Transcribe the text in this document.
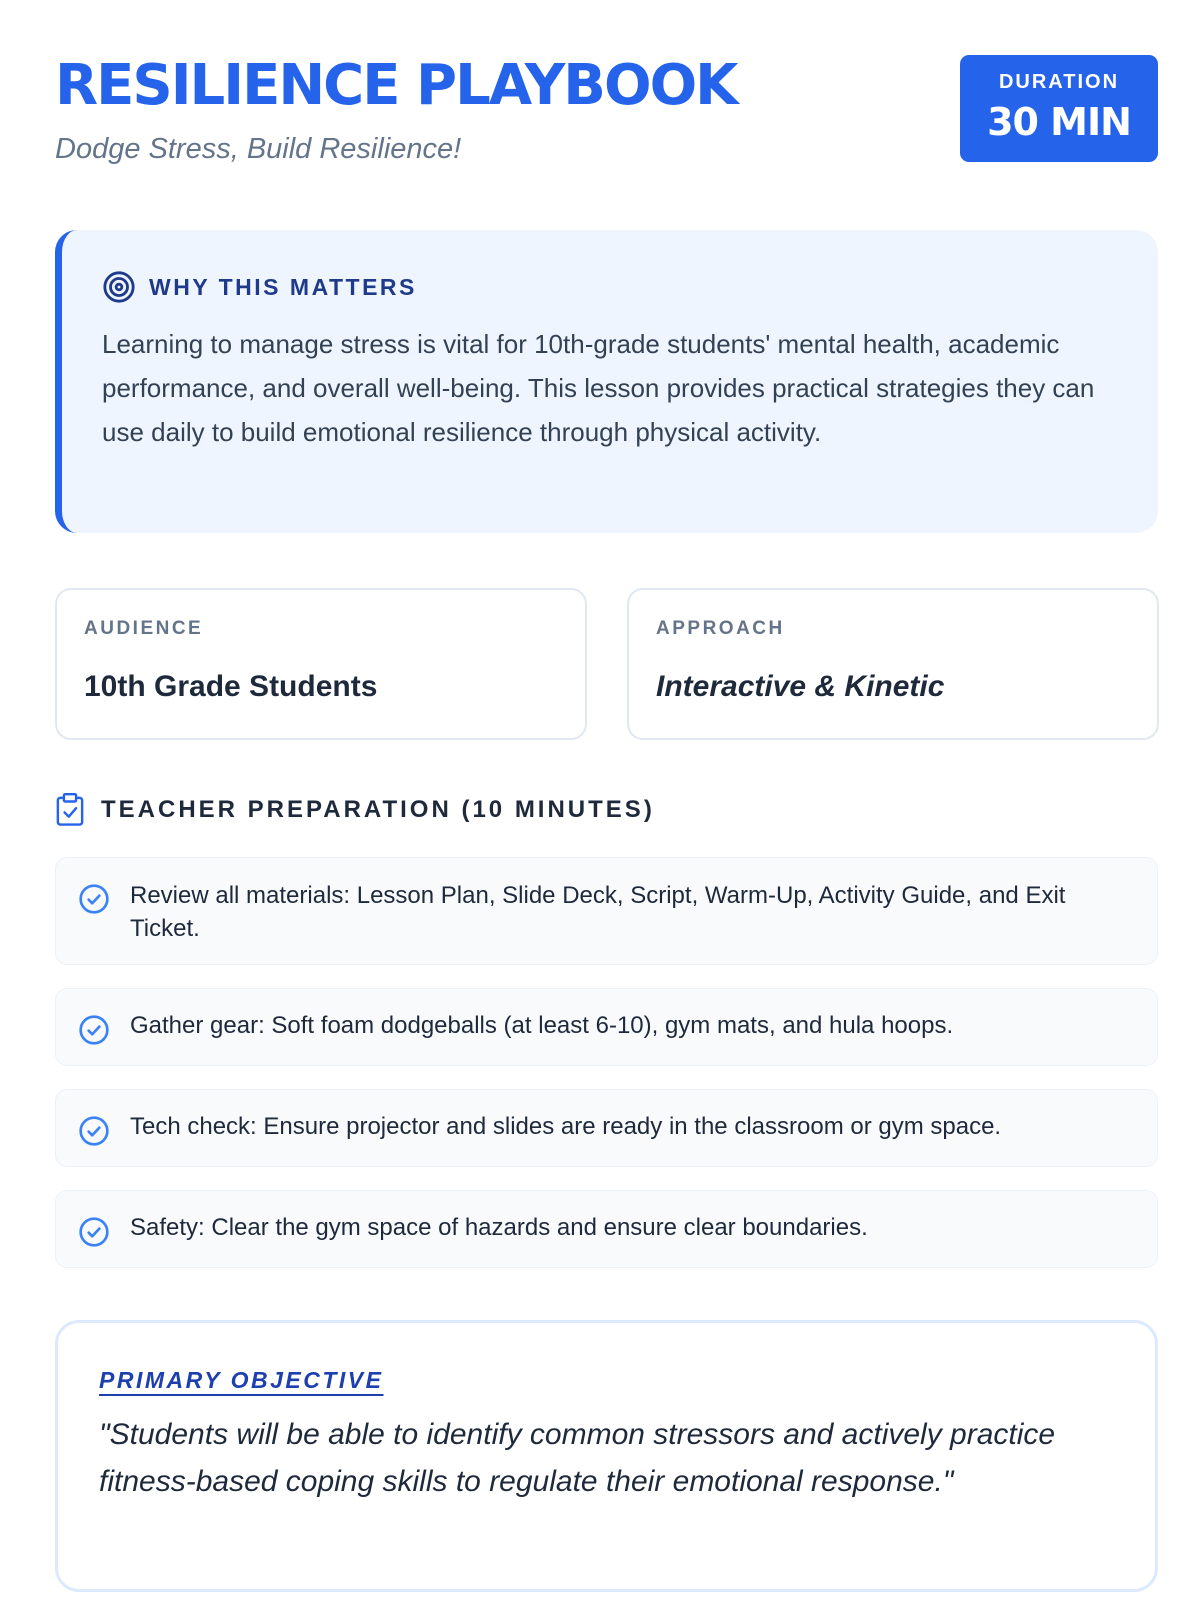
RESILIENCE PLAYBOOK
Dodge Stress, Build Resilience!
DURATION
30 MIN
WHY THIS MATTERS

Learning to manage stress is vital for 10th-grade students' mental health, academic performance, and overall well-being. This lesson provides practical strategies they can use daily to build emotional resilience through physical activity.

AUDIENCE
10th Grade Students
APPROACH
Interactive & Kinetic
TEACHER PREPARATION (10 MINUTES)
Review all materials: Lesson Plan, Slide Deck, Script, Warm-Up, Activity Guide, and Exit Ticket.
Gather gear: Soft foam dodgeballs (at least 6-10), gym mats, and hula hoops.
Tech check: Ensure projector and slides are ready in the classroom or gym space.
Safety: Clear the gym space of hazards and ensure clear boundaries.
PRIMARY OBJECTIVE

"Students will be able to identify common stressors and actively practice fitness-based coping skills to regulate their emotional response."
